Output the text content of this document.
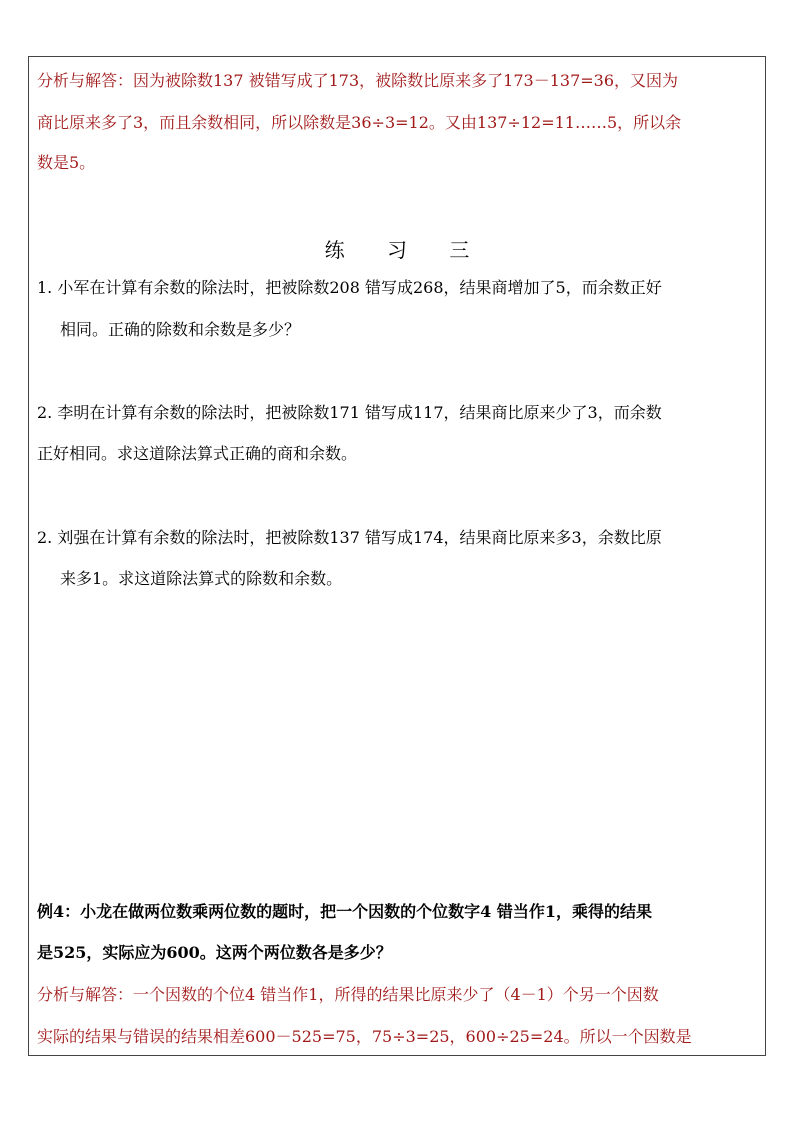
分析与解答：因为被除数137 被错写成了173，被除数比原来多了173－137=36，又因为
商比原来多了3，而且余数相同，所以除数是36÷3=12。又由137÷12=11……5，所以余
数是5。
练 习 三
1. 小军在计算有余数的除法时，把被除数208 错写成268，结果商增加了5，而余数正好
相同。正确的除数和余数是多少？
2. 李明在计算有余数的除法时，把被除数171 错写成117，结果商比原来少了3，而余数
正好相同。求这道除法算式正确的商和余数。
2. 刘强在计算有余数的除法时，把被除数137 错写成174，结果商比原来多3，余数比原
来多1。求这道除法算式的除数和余数。
例4：小龙在做两位数乘两位数的题时，把一个因数的个位数字4 错当作1，乘得的结果
是525，实际应为600。这两个两位数各是多少？
分析与解答：一个因数的个位4 错当作1，所得的结果比原来少了（4－1）个另一个因数
实际的结果与错误的结果相差600－525=75，75÷3=25，600÷25=24。所以一个因数是
